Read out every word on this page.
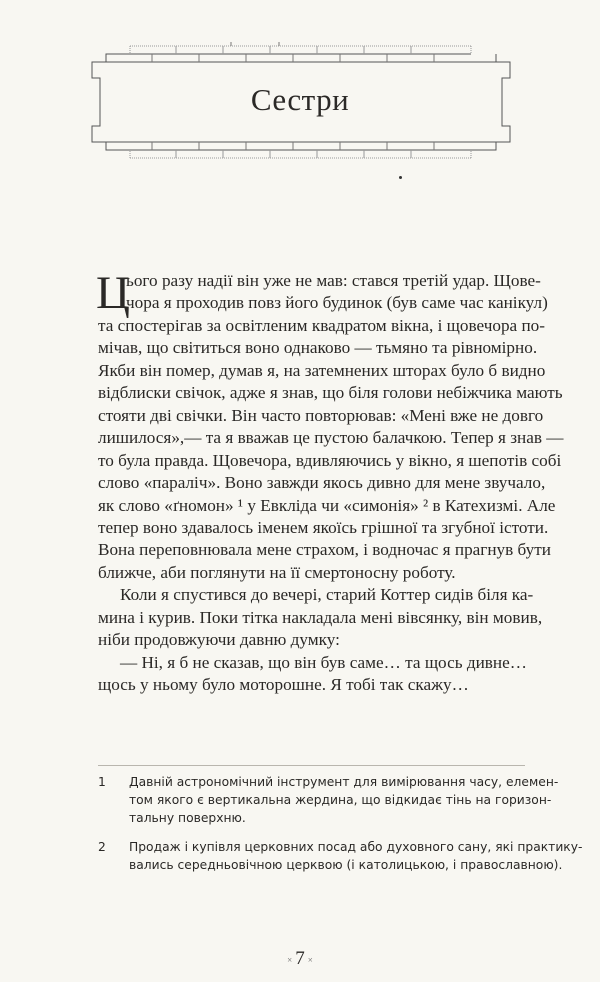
Сестри
Ц
ього разу надії він уже не мав: стався третій удар. Щове-
чора я проходив повз його будинок (був саме час канікул)
та спостерігав за освітленим квадратом вікна, і щовечора по-
мічав, що світиться воно однаково — тьмяно та рівномірно.
Якби він помер, думав я, на затемнених шторах було б видно
відблиски свічок, адже я знав, що біля голови небіжчика мають
стояти дві свічки. Він часто повторював: «Мені вже не довго
лишилося»,— та я вважав це пустою балачкою. Тепер я знав —
то була правда. Щовечора, вдивляючись у вікно, я шепотів собі
слово «параліч». Воно завжди якось дивно для мене звучало,
як слово «ґномон» ¹ у Евкліда чи «симонія» ² в Катехизмі. Але
тепер воно здавалось іменем якоїсь грішної та згубної істоти.
Вона переповнювала мене страхом, і водночас я прагнув бути
ближче, аби поглянути на її смертоносну роботу.
Коли я спустився до вечері, старий Коттер сидів біля ка-
мина і курив. Поки тітка накладала мені вівсянку, він мовив,
ніби продовжуючи давню думку:
— Ні, я б не сказав, що він був саме… та щось дивне…
щось у ньому було моторошне. Я тобі так скажу…
1 Давній астрономічний інструмент для вимірювання часу, елемен-
том якого є вертикальна жердина, що відкидає тінь на горизон-
тальну поверхню.
2 Продаж і купівля церковних посад або духовного сану, які практику-
вались середньовічною церквою (і католицькою, і православною).
× 7 ×
